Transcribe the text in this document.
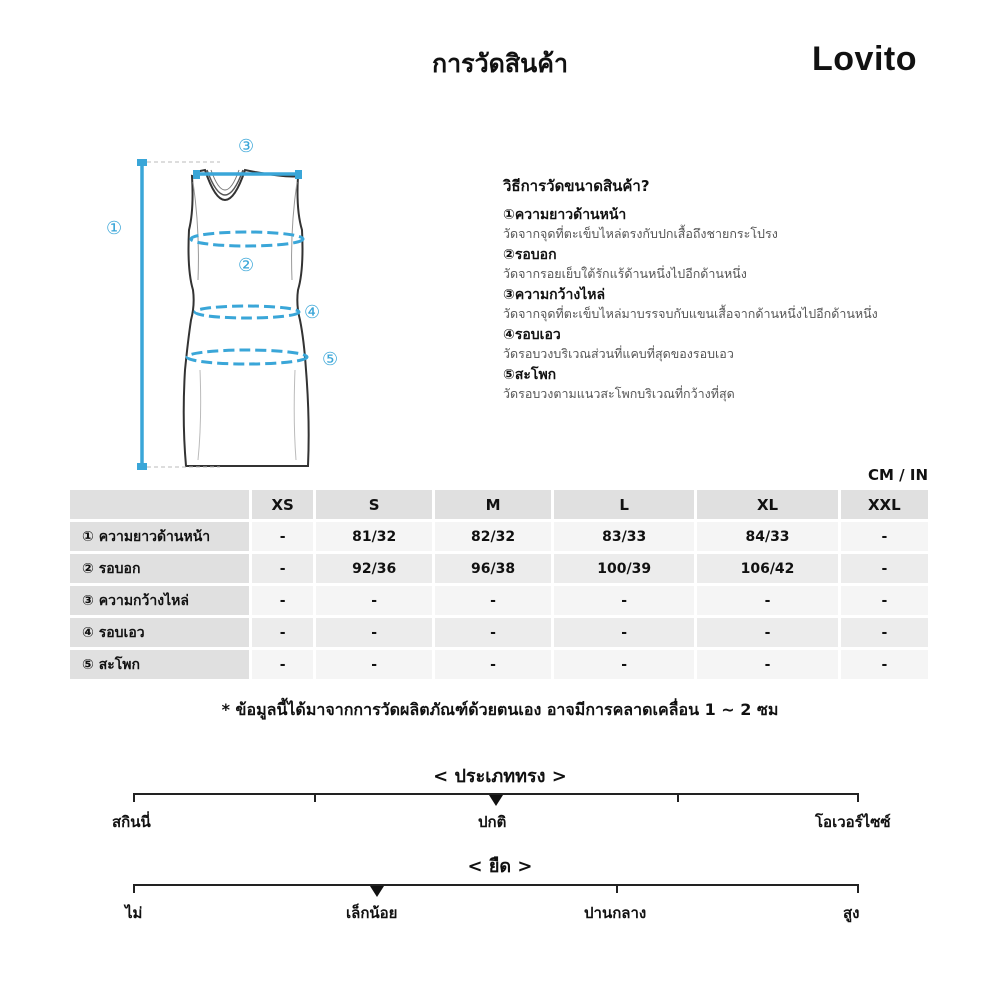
การวัดสินค้า	Lovito
①
③
②
④
⑤
วิธีการวัดขนาดสินค้า?
①ความยาวด้านหน้า
วัดจากจุดที่ตะเข็บไหล่ตรงกับปกเสื้อถึงชายกระโปรง
②รอบอก
วัดจากรอยเย็บใต้รักแร้ด้านหนึ่งไปอีกด้านหนึ่ง
③ความกว้างไหล่
วัดจากจุดที่ตะเข็บไหล่มาบรรจบกับแขนเสื้อจากด้านหนึ่งไปอีกด้านหนึ่ง
④รอบเอว
วัดรอบวงบริเวณส่วนที่แคบที่สุดของรอบเอว
⑤สะโพก
วัดรอบวงตามแนวสะโพกบริเวณที่กว้างที่สุด
CM / IN
	XS	S	M	L	XL	XXL
① ความยาวด้านหน้า	-	81/32	82/32	83/33	84/33	-
② รอบอก	-	92/36	96/38	100/39	106/42	-
③ ความกว้างไหล่	-	-	-	-	-	-
④ รอบเอว	-	-	-	-	-	-
⑤ สะโพก	-	-	-	-	-	-
* ข้อมูลนี้ได้มาจากการวัดผลิตภัณฑ์ด้วยตนเอง อาจมีการคลาดเคลื่อน 1 ~ 2 ซม
< ประเภททรง >
สกินนี่	ปกติ	โอเวอร์ไซซ์
< ยืด >
ไม่	เล็กน้อย	ปานกลาง	สูง
